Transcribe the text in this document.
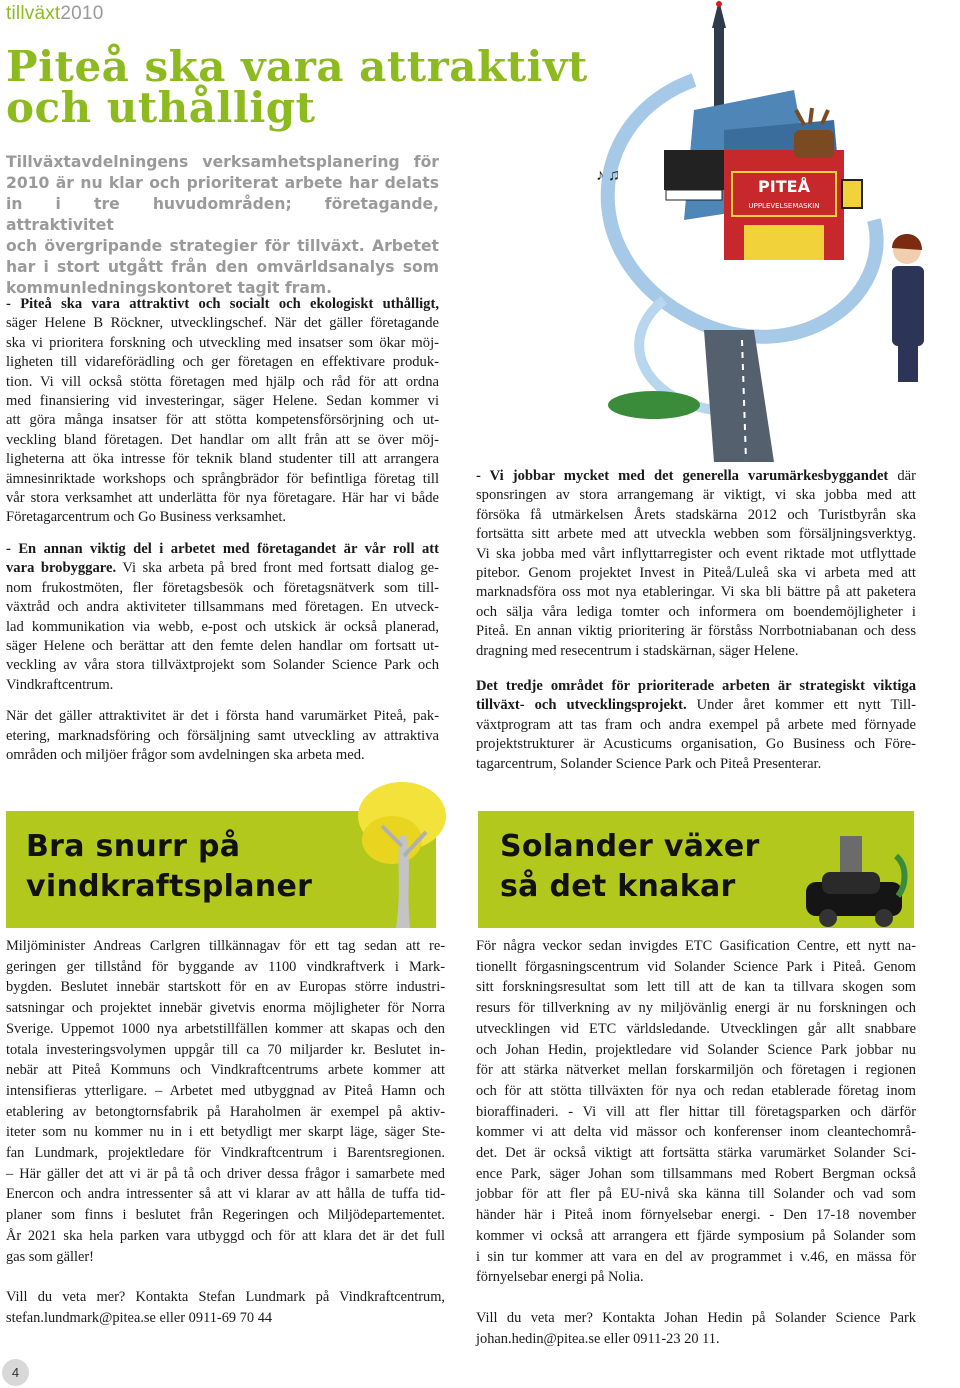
tillväxt2010
Piteå ska vara attraktivt
och uthålligt
Tillväxtavdelningens verksamhetsplanering för
2010 är nu klar och prioriterat arbete har delats
in i tre huvudområden; företagande, attraktivitet
och övergripande strategier för tillväxt. Arbetet
har i stort utgått från den omvärldsanalys som
kommunledningskontoret tagit fram.
PITEÅ
UPPLEVELSEMASKIN
♪ ♫
- Piteå ska vara attraktivt och socialt och ekologiskt uthålligt,
säger Helene B Röckner, utvecklingschef. När det gäller företagande
ska vi prioritera forskning och utveckling med insatser som ökar möj-
ligheten till vidareförädling och ger företagen en effektivare produk-
tion. Vi vill också stötta företagen med hjälp och råd för att ordna
med finansiering vid investeringar, säger Helene. Sedan kommer vi
att göra många insatser för att stötta kompetensförsörjning och ut-
veckling bland företagen. Det handlar om allt från att se över möj-
ligheterna att öka intresse för teknik bland studenter till att arrangera
ämnesinriktade workshops och språngbrädor för befintliga företag till
vår stora verksamhet att underlätta för nya företagare. Här har vi både
Företagarcentrum och Go Business verksamhet.
- En annan viktig del i arbetet med företagandet är vår roll att
vara brobyggare. Vi ska arbeta på bred front med fortsatt dialog ge-
nom frukostmöten, fler företagsbesök och företagsnätverk som till-
växtråd och andra aktiviteter tillsammans med företagen. En utveck-
lad kommunikation via webb, e-post och utskick är också planerad,
säger Helene och berättar att den femte delen handlar om fortsatt ut-
veckling av våra stora tillväxtprojekt som Solander Science Park och
Vindkraftcentrum.
När det gäller attraktivitet är det i första hand varumärket Piteå, pak-
etering, marknadsföring och försäljning samt utveckling av attraktiva
områden och miljöer frågor som avdelningen ska arbeta med.
- Vi jobbar mycket med det generella varumärkesbyggandet där
sponsringen av stora arrangemang är viktigt, vi ska jobba med att
försöka få utmärkelsen Årets stadskärna 2012 och Turistbyrån ska
fortsätta sitt arbete med att utveckla webben som försäljningsverktyg.
Vi ska jobba med vårt inflyttarregister och event riktade mot utflyttade
pitebor. Genom projektet Invest in Piteå/Luleå ska vi arbeta med att
marknadsföra oss mot nya etableringar. Vi ska bli bättre på att paketera
och sälja våra lediga tomter och informera om boendemöjligheter i
Piteå. En annan viktig prioritering är förståss Norrbotniabanan och dess
dragning med resecentrum i stadskärnan, säger Helene.
Det tredje området för prioriterade arbeten är strategiskt viktiga
tillväxt- och utvecklingsprojekt. Under året kommer ett nytt Till-
växtprogram att tas fram och andra exempel på arbete med förnyade
projektstrukturer är Acusticums organisation, Go Business och Före-
tagarcentrum, Solander Science Park och Piteå Presenterar.
Bra snurr på
vindkraftsplaner
Solander växer
så det knakar
Miljöminister Andreas Carlgren tillkännagav för ett tag sedan att re-
geringen ger tillstånd för byggande av 1100 vindkraftverk i Mark-
bygden. Beslutet innebär startskott för en av Europas större industri-
satsningar och projektet innebär givetvis enorma möjligheter för Norra
Sverige. Uppemot 1000 nya arbetstillfällen kommer att skapas och den
totala investeringsvolymen uppgår till ca 70 miljarder kr. Beslutet in-
nebär att Piteå Kommuns och Vindkraftcentrums arbete kommer att
intensifieras ytterligare. – Arbetet med utbyggnad av Piteå Hamn och
etablering av betongtornsfabrik på Haraholmen är exempel på aktiv-
iteter som nu kommer nu in i ett betydligt mer skarpt läge, säger Ste-
fan Lundmark, projektledare för Vindkraftcentrum i Barentsregionen.
– Här gäller det att vi är på tå och driver dessa frågor i samarbete med
Enercon och andra intressenter så att vi klarar av att hålla de tuffa tid-
planer som finns i beslutet från Regeringen och Miljödepartementet.
År 2021 ska hela parken vara utbyggd och för att klara det är det full
gas som gäller!
Vill du veta mer? Kontakta Stefan Lundmark på Vindkraftcentrum,
stefan.lundmark@pitea.se eller 0911-69 70 44
För några veckor sedan invigdes ETC Gasification Centre, ett nytt na-
tionellt förgasningscentrum vid Solander Science Park i Piteå. Genom
sitt forskningsresultat som lett till att de kan ta tillvara skogen som
resurs för tillverkning av ny miljövänlig energi är nu forskningen och
utvecklingen vid ETC världsledande. Utvecklingen går allt snabbare
och Johan Hedin, projektledare vid Solander Science Park jobbar nu
för att stärka nätverket mellan forskarmiljön och företagen i regionen
och för att stötta tillväxten för nya och redan etablerade företag inom
bioraffinaderi. - Vi vill att fler hittar till företagsparken och därför
kommer vi att delta vid mässor och konferenser inom cleantechområ-
det. Det är också viktigt att fortsätta stärka varumärket Solander Sci-
ence Park, säger Johan som tillsammans med Robert Bergman också
jobbar för att fler på EU-nivå ska känna till Solander och vad som
händer här i Piteå inom förnyelsebar energi. - Den 17-18 november
kommer vi också att arrangera ett fjärde symposium på Solander som
i sin tur kommer att vara en del av programmet i v.46, en mässa för
förnyelsebar energi på Nolia.
Vill du veta mer? Kontakta Johan Hedin på Solander Science Park
johan.hedin@pitea.se eller 0911-23 20 11.
4
